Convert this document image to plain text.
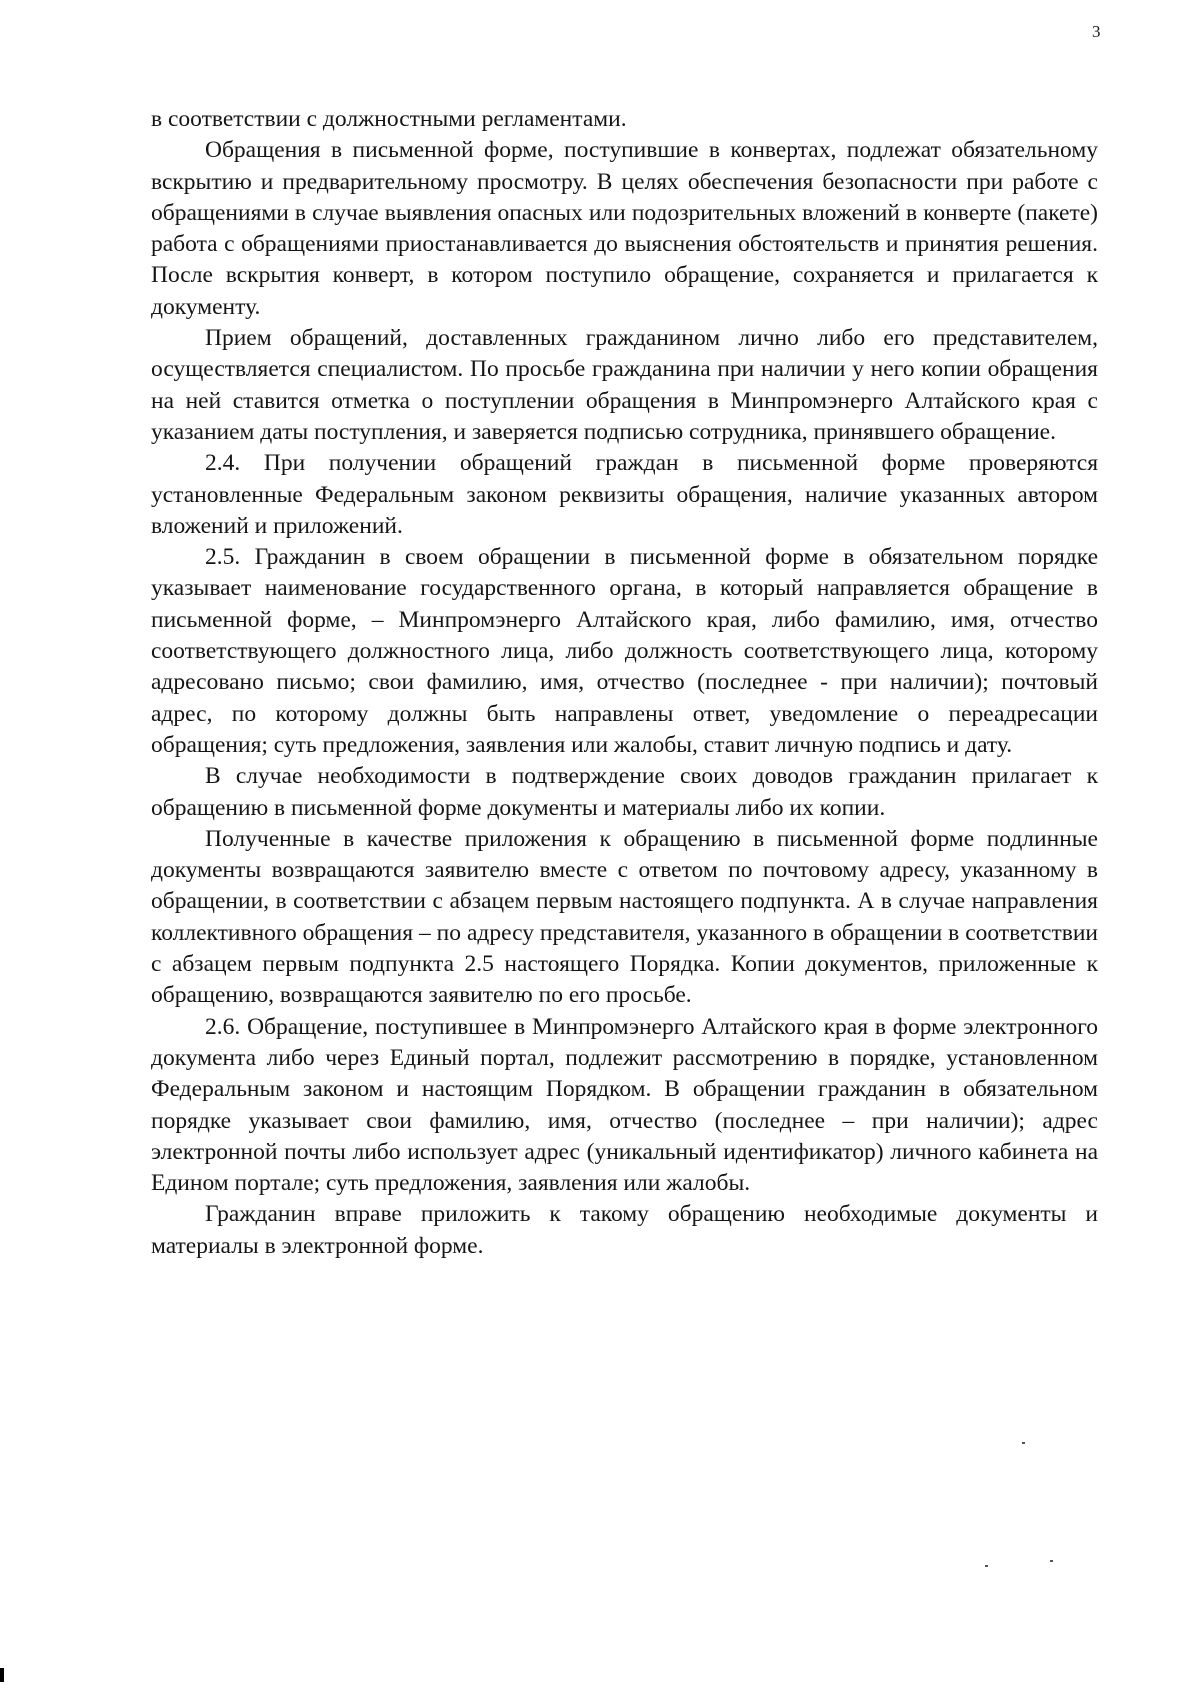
3

в соответствии с должностными регламентами.

Обращения в письменной форме, поступившие в конвертах, подлежат обязательному вскрытию и предварительному просмотру. В целях обеспечения безопасности при работе с обращениями в случае выявления опасных или подозрительных вложений в конверте (пакете) работа с обращениями приостанавливается до выяснения обстоятельств и принятия решения. После вскрытия конверт, в котором поступило обращение, сохраняется и прилагается к документу.

Прием обращений, доставленных гражданином лично либо его представителем, осуществляется специалистом. По просьбе гражданина при наличии у него копии обращения на ней ставится отметка о поступлении обращения в Минпромэнерго Алтайского края с указанием даты поступления, и заверяется подписью сотрудника, принявшего обращение.

2.4. При получении обращений граждан в письменной форме проверяются установленные Федеральным законом реквизиты обращения, наличие указанных автором вложений и приложений.

2.5. Гражданин в своем обращении в письменной форме в обязательном порядке указывает наименование государственного органа, в который направляется обращение в письменной форме, – Минпромэнерго Алтайского края, либо фамилию, имя, отчество соответствующего должностного лица, либо должность соответствующего лица, которому адресовано письмо; свои фамилию, имя, отчество (последнее - при наличии); почтовый адрес, по которому должны быть направлены ответ, уведомление о переадресации обращения; суть предложения, заявления или жалобы, ставит личную подпись и дату.

В случае необходимости в подтверждение своих доводов гражданин прилагает к обращению в письменной форме документы и материалы либо их копии.

Полученные в качестве приложения к обращению в письменной форме подлинные документы возвращаются заявителю вместе с ответом по почтовому адресу, указанному в обращении, в соответствии с абзацем первым настоящего подпункта. А в случае направления коллективного обращения – по адресу представителя, указанного в обращении в соответствии с абзацем первым подпункта 2.5 настоящего Порядка. Копии документов, приложенные к обращению, возвращаются заявителю по его просьбе.

2.6. Обращение, поступившее в Минпромэнерго Алтайского края в форме электронного документа либо через Единый портал, подлежит рассмотрению в порядке, установленном Федеральным законом и настоящим Порядком. В обращении гражданин в обязательном порядке указывает свои фамилию, имя, отчество (последнее – при наличии); адрес электронной почты либо использует адрес (уникальный идентификатор) личного кабинета на Едином портале; суть предложения, заявления или жалобы.

Гражданин вправе приложить к такому обращению необходимые документы и материалы в электронной форме.
